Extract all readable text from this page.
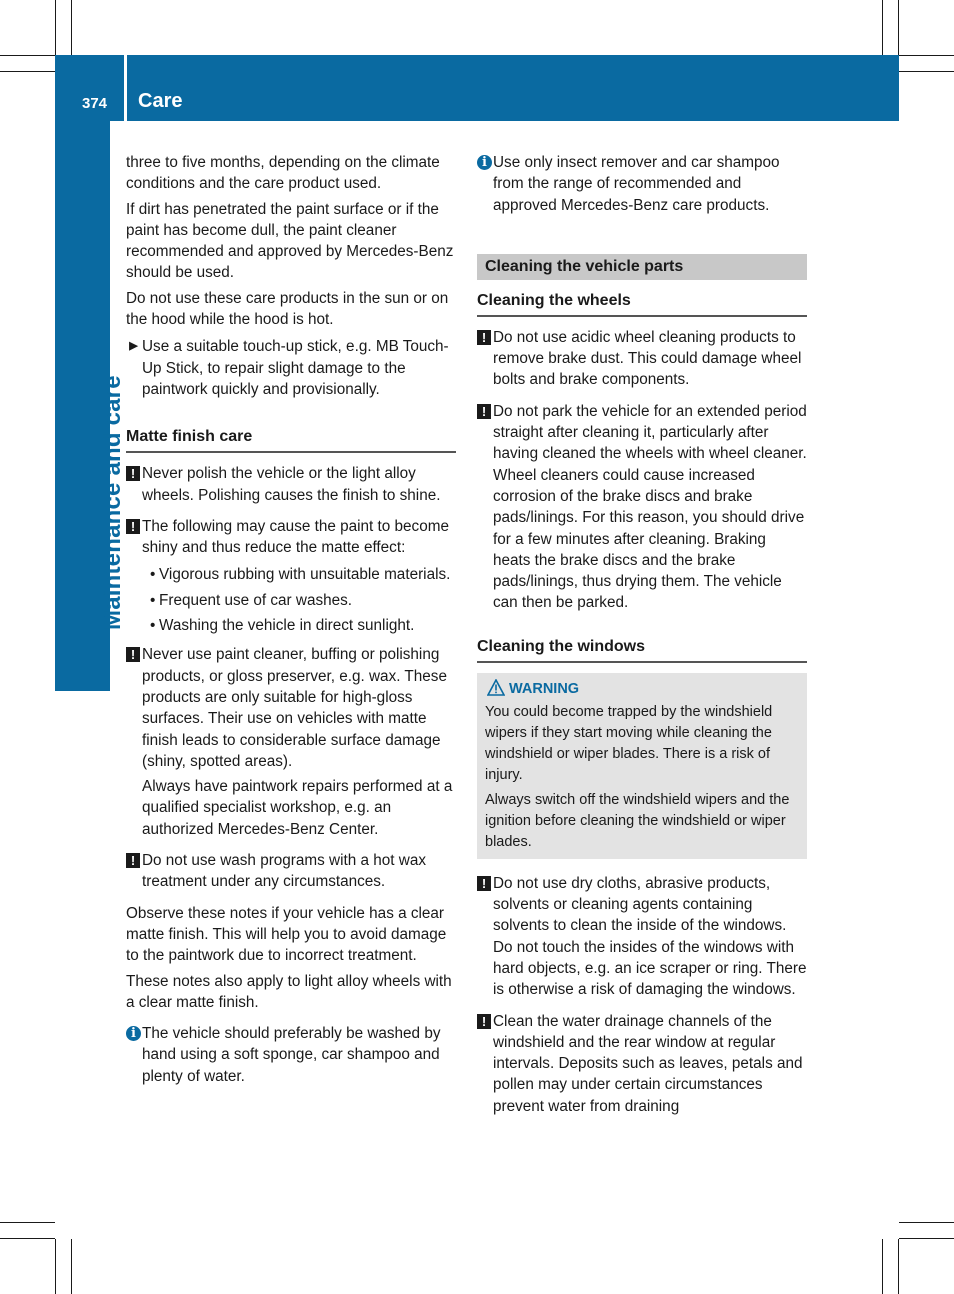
374 Care
Maintenance and care

three to five months, depending on the climate conditions and the care product used.

If dirt has penetrated the paint surface or if the paint has become dull, the paint cleaner recommended and approved by Mercedes-Benz should be used.

Do not use these care products in the sun or on the hood while the hood is hot.

▶ Use a suitable touch-up stick, e.g. MB Touch-Up Stick, to repair slight damage to the paintwork quickly and provisionally.
Matte finish care
! Never polish the vehicle or the light alloy wheels. Polishing causes the finish to shine.
! The following may cause the paint to become shiny and thus reduce the matte effect:
• Vigorous rubbing with unsuitable materials.
• Frequent use of car washes.
• Washing the vehicle in direct sunlight.
! Never use paint cleaner, buffing or polishing products, or gloss preserver, e.g. wax. These products are only suitable for high-gloss surfaces. Their use on vehicles with matte finish leads to considerable surface damage (shiny, spotted areas).
Always have paintwork repairs performed at a qualified specialist workshop, e.g. an authorized Mercedes-Benz Center.
! Do not use wash programs with a hot wax treatment under any circumstances.

Observe these notes if your vehicle has a clear matte finish. This will help you to avoid damage to the paintwork due to incorrect treatment.

These notes also apply to light alloy wheels with a clear matte finish.

i The vehicle should preferably be washed by hand using a soft sponge, car shampoo and plenty of water.
i Use only insect remover and car shampoo from the range of recommended and approved Mercedes-Benz care products.
Cleaning the vehicle parts
Cleaning the wheels
! Do not use acidic wheel cleaning products to remove brake dust. This could damage wheel bolts and brake components.
! Do not park the vehicle for an extended period straight after cleaning it, particularly after having cleaned the wheels with wheel cleaner. Wheel cleaners could cause increased corrosion of the brake discs and brake pads/linings. For this reason, you should drive for a few minutes after cleaning. Braking heats the brake discs and the brake pads/linings, thus drying them. The vehicle can then be parked.
Cleaning the windows
WARNING

You could become trapped by the windshield wipers if they start moving while cleaning the windshield or wiper blades. There is a risk of injury.

Always switch off the windshield wipers and the ignition before cleaning the windshield or wiper blades.

! Do not use dry cloths, abrasive products, solvents or cleaning agents containing solvents to clean the inside of the windows. Do not touch the insides of the windows with hard objects, e.g. an ice scraper or ring. There is otherwise a risk of damaging the windows.
! Clean the water drainage channels of the windshield and the rear window at regular intervals. Deposits such as leaves, petals and pollen may under certain circumstances prevent water from draining
